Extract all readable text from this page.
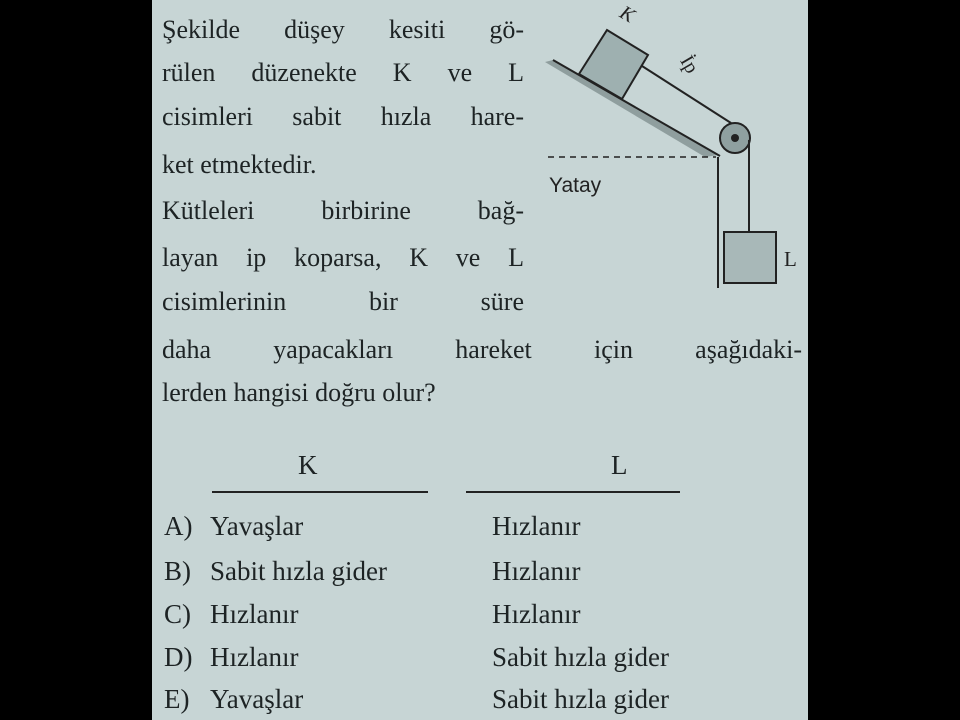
Şekilde düşey kesiti gö-
rülen düzenekte K ve L
cisimleri sabit hızla hare-
ket etmektedir.
Kütleleri birbirine bağ-
layan ip koparsa, K ve L
cisimlerinin bir süre
daha yapacakları hareket için aşağıdaki-
lerden hangisi doğru olur?
K
İp
Yatay
L
K	L
A) Yavaşlar	Hızlanır
B) Sabit hızla gider	Hızlanır
C) Hızlanır	Hızlanır
D) Hızlanır	Sabit hızla gider
E) Yavaşlar	Sabit hızla gider
